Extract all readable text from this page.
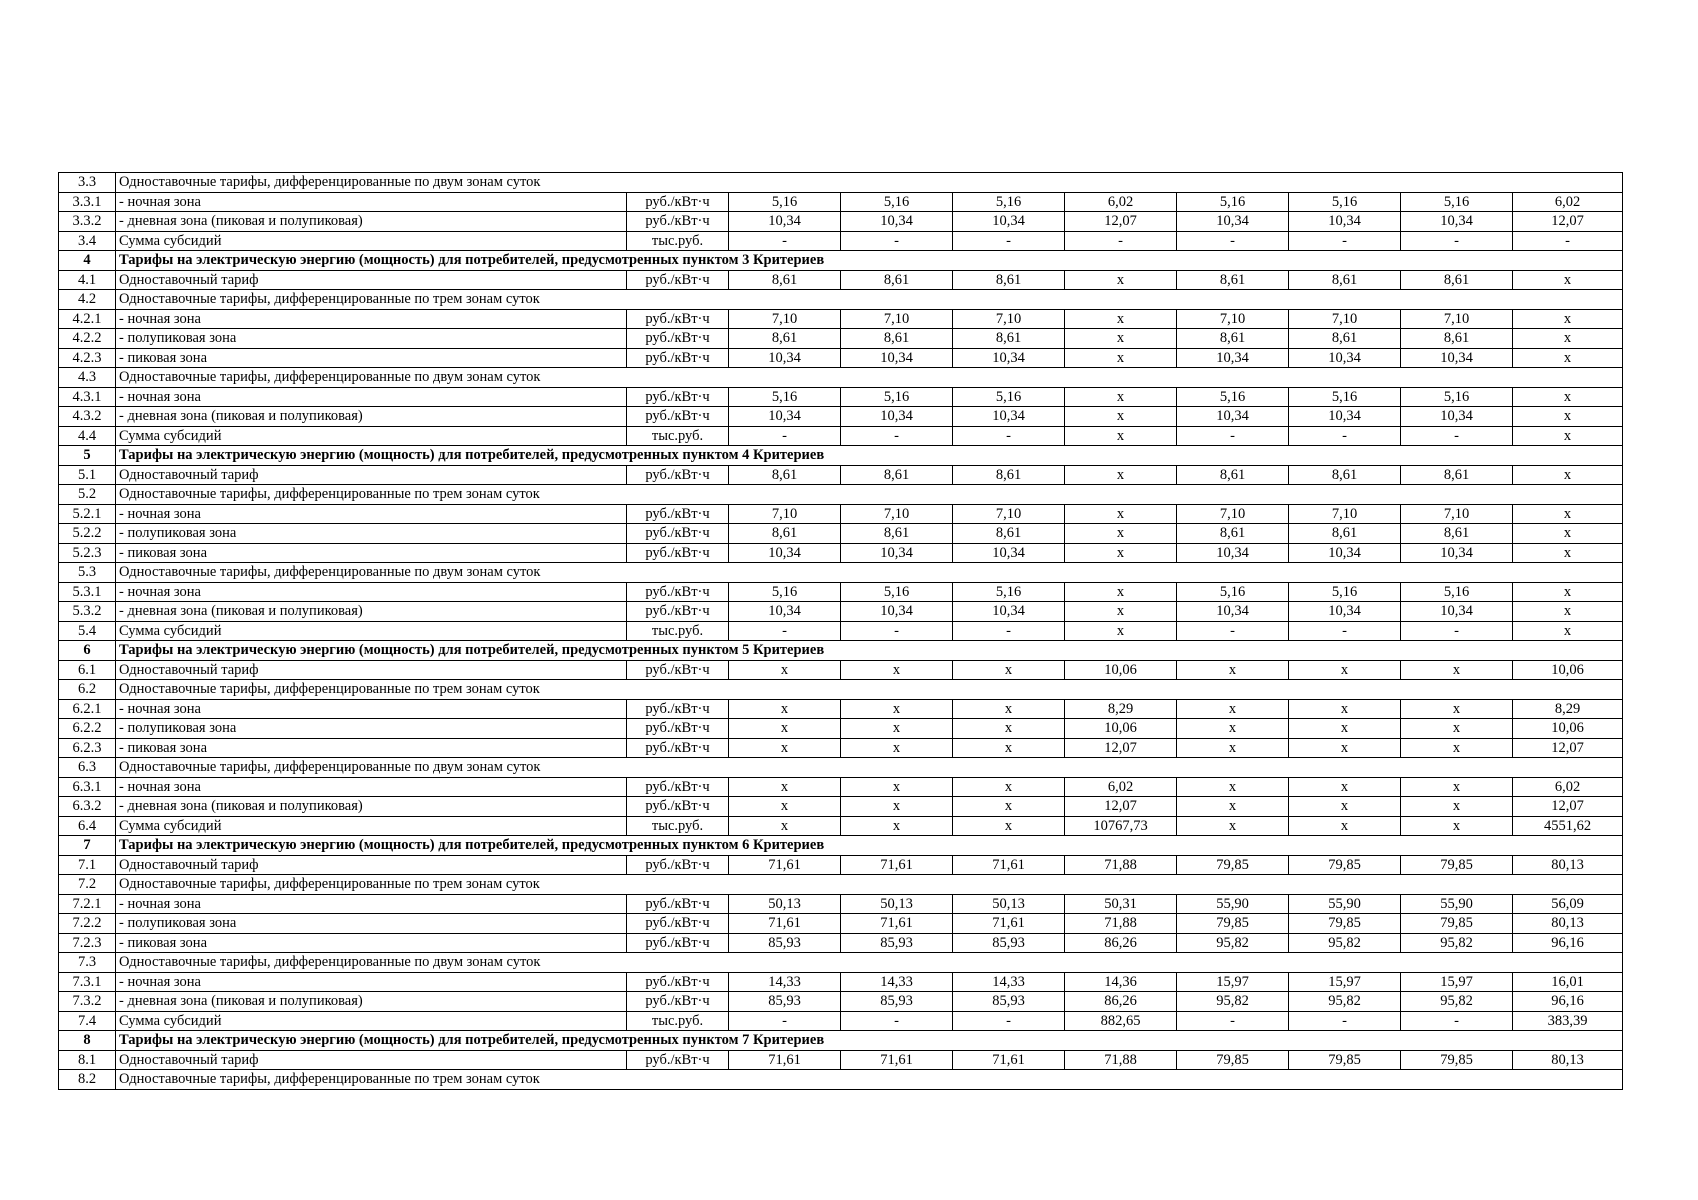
3.3	Одноставочные тарифы, дифференцированные по двум зонам суток									
3.3.1	- ночная зона	руб./кВт·ч	5,16	5,16	5,16	6,02	5,16	5,16	5,16	6,02
3.3.2	- дневная зона (пиковая и полупиковая)	руб./кВт·ч	10,34	10,34	10,34	12,07	10,34	10,34	10,34	12,07
3.4	Сумма субсидий	тыс.руб.	-	-	-	-	-	-	-	-
4	Тарифы на электрическую энергию (мощность) для потребителей, предусмотренных пунктом 3 Критериев									
4.1	Одноставочный тариф	руб./кВт·ч	8,61	8,61	8,61	x	8,61	8,61	8,61	x
4.2	Одноставочные тарифы, дифференцированные по трем зонам суток									
4.2.1	- ночная зона	руб./кВт·ч	7,10	7,10	7,10	x	7,10	7,10	7,10	x
4.2.2	- полупиковая зона	руб./кВт·ч	8,61	8,61	8,61	x	8,61	8,61	8,61	x
4.2.3	- пиковая зона	руб./кВт·ч	10,34	10,34	10,34	x	10,34	10,34	10,34	x
4.3	Одноставочные тарифы, дифференцированные по двум зонам суток									
4.3.1	- ночная зона	руб./кВт·ч	5,16	5,16	5,16	x	5,16	5,16	5,16	x
4.3.2	- дневная зона (пиковая и полупиковая)	руб./кВт·ч	10,34	10,34	10,34	x	10,34	10,34	10,34	x
4.4	Сумма субсидий	тыс.руб.	-	-	-	x	-	-	-	x
5	Тарифы на электрическую энергию (мощность) для потребителей, предусмотренных пунктом 4 Критериев									
5.1	Одноставочный тариф	руб./кВт·ч	8,61	8,61	8,61	x	8,61	8,61	8,61	x
5.2	Одноставочные тарифы, дифференцированные по трем зонам суток									
5.2.1	- ночная зона	руб./кВт·ч	7,10	7,10	7,10	x	7,10	7,10	7,10	x
5.2.2	- полупиковая зона	руб./кВт·ч	8,61	8,61	8,61	x	8,61	8,61	8,61	x
5.2.3	- пиковая зона	руб./кВт·ч	10,34	10,34	10,34	x	10,34	10,34	10,34	x
5.3	Одноставочные тарифы, дифференцированные по двум зонам суток									
5.3.1	- ночная зона	руб./кВт·ч	5,16	5,16	5,16	x	5,16	5,16	5,16	x
5.3.2	- дневная зона (пиковая и полупиковая)	руб./кВт·ч	10,34	10,34	10,34	x	10,34	10,34	10,34	x
5.4	Сумма субсидий	тыс.руб.	-	-	-	x	-	-	-	x
6	Тарифы на электрическую энергию (мощность) для потребителей, предусмотренных пунктом 5 Критериев									
6.1	Одноставочный тариф	руб./кВт·ч	x	x	x	10,06	x	x	x	10,06
6.2	Одноставочные тарифы, дифференцированные по трем зонам суток									
6.2.1	- ночная зона	руб./кВт·ч	x	x	x	8,29	x	x	x	8,29
6.2.2	- полупиковая зона	руб./кВт·ч	x	x	x	10,06	x	x	x	10,06
6.2.3	- пиковая зона	руб./кВт·ч	x	x	x	12,07	x	x	x	12,07
6.3	Одноставочные тарифы, дифференцированные по двум зонам суток									
6.3.1	- ночная зона	руб./кВт·ч	x	x	x	6,02	x	x	x	6,02
6.3.2	- дневная зона (пиковая и полупиковая)	руб./кВт·ч	x	x	x	12,07	x	x	x	12,07
6.4	Сумма субсидий	тыс.руб.	x	x	x	10767,73	x	x	x	4551,62
7	Тарифы на электрическую энергию (мощность) для потребителей, предусмотренных пунктом 6 Критериев									
7.1	Одноставочный тариф	руб./кВт·ч	71,61	71,61	71,61	71,88	79,85	79,85	79,85	80,13
7.2	Одноставочные тарифы, дифференцированные по трем зонам суток									
7.2.1	- ночная зона	руб./кВт·ч	50,13	50,13	50,13	50,31	55,90	55,90	55,90	56,09
7.2.2	- полупиковая зона	руб./кВт·ч	71,61	71,61	71,61	71,88	79,85	79,85	79,85	80,13
7.2.3	- пиковая зона	руб./кВт·ч	85,93	85,93	85,93	86,26	95,82	95,82	95,82	96,16
7.3	Одноставочные тарифы, дифференцированные по двум зонам суток									
7.3.1	- ночная зона	руб./кВт·ч	14,33	14,33	14,33	14,36	15,97	15,97	15,97	16,01
7.3.2	- дневная зона (пиковая и полупиковая)	руб./кВт·ч	85,93	85,93	85,93	86,26	95,82	95,82	95,82	96,16
7.4	Сумма субсидий	тыс.руб.	-	-	-	882,65	-	-	-	383,39
8	Тарифы на электрическую энергию (мощность) для потребителей, предусмотренных пунктом 7 Критериев									
8.1	Одноставочный тариф	руб./кВт·ч	71,61	71,61	71,61	71,88	79,85	79,85	79,85	80,13
8.2	Одноставочные тарифы, дифференцированные по трем зонам суток									
